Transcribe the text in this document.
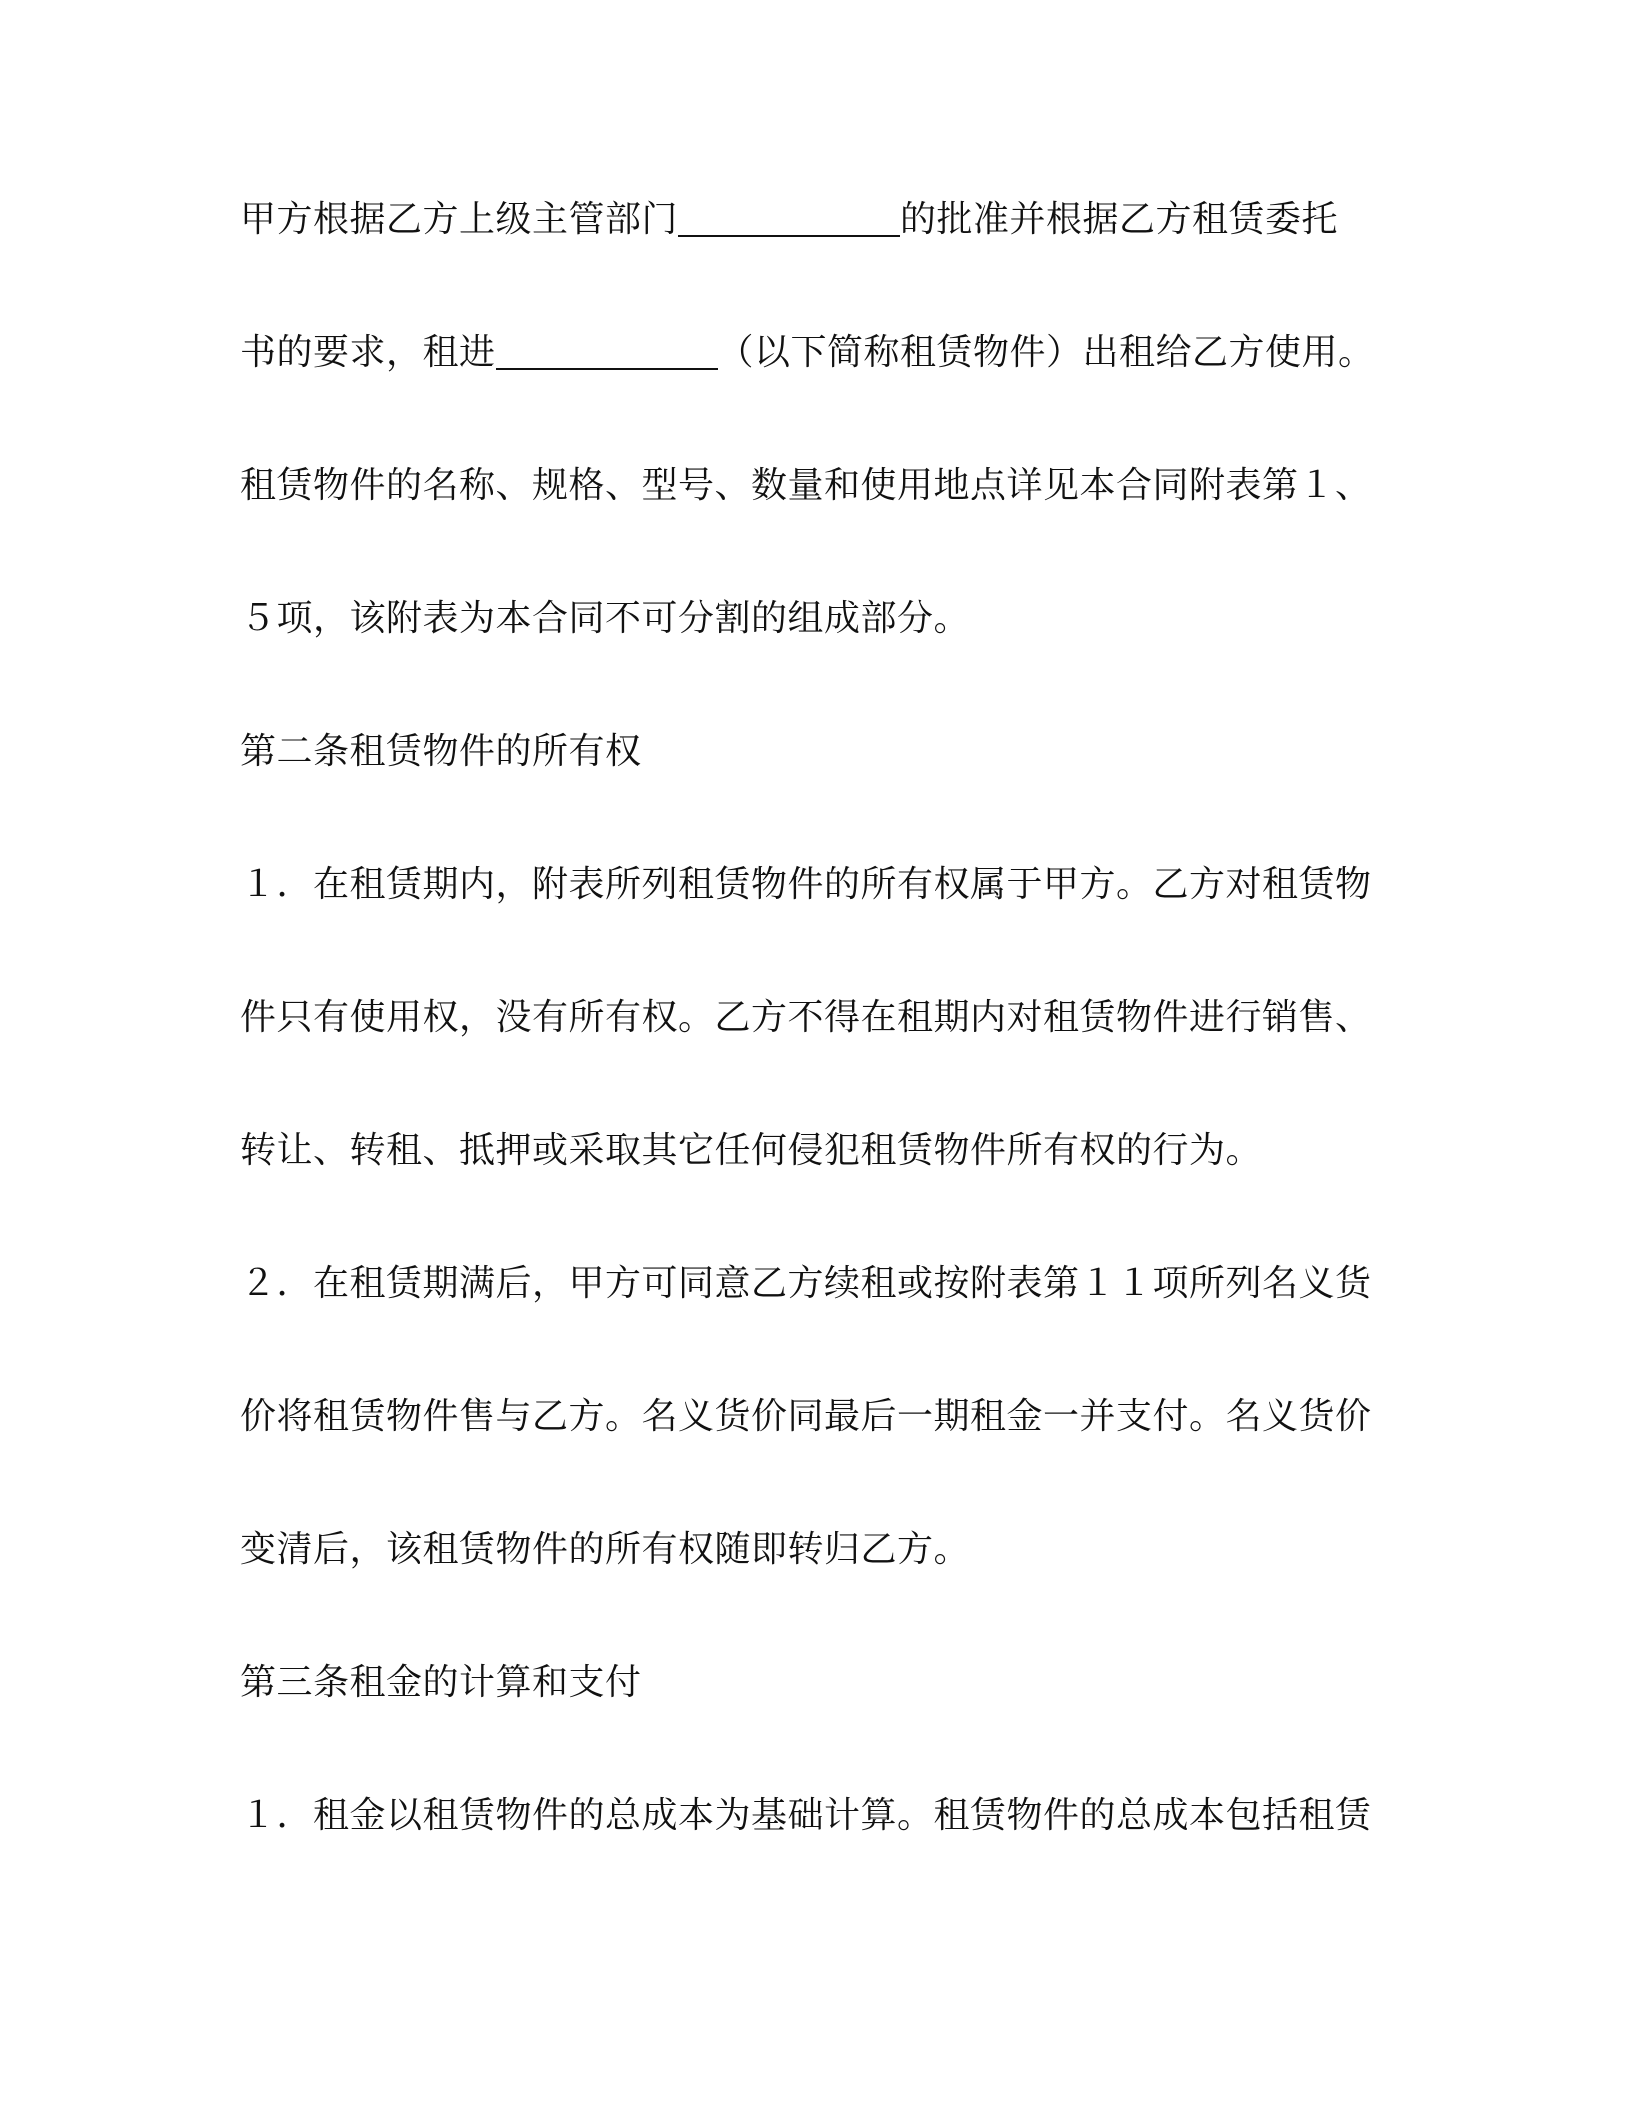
甲方根据乙方上级主管部门	的批准并根据乙方租赁委托
书的要求，租进	（以下简称租赁物件）出租给乙方使用。
租赁物件的名称、规格、型号、数量和使用地点详见本合同附表第１、
５项，该附表为本合同不可分割的组成部分。
第二条租赁物件的所有权
１．在租赁期内，附表所列租赁物件的所有权属于甲方。乙方对租赁物
件只有使用权，没有所有权。乙方不得在租期内对租赁物件进行销售、
转让、转租、抵押或采取其它任何侵犯租赁物件所有权的行为。
２．在租赁期满后，甲方可同意乙方续租或按附表第１１项所列名义货
价将租赁物件售与乙方。名义货价同最后一期租金一并支付。名义货价
变清后，该租赁物件的所有权随即转归乙方。
第三条租金的计算和支付
１．租金以租赁物件的总成本为基础计算。租赁物件的总成本包括租赁
